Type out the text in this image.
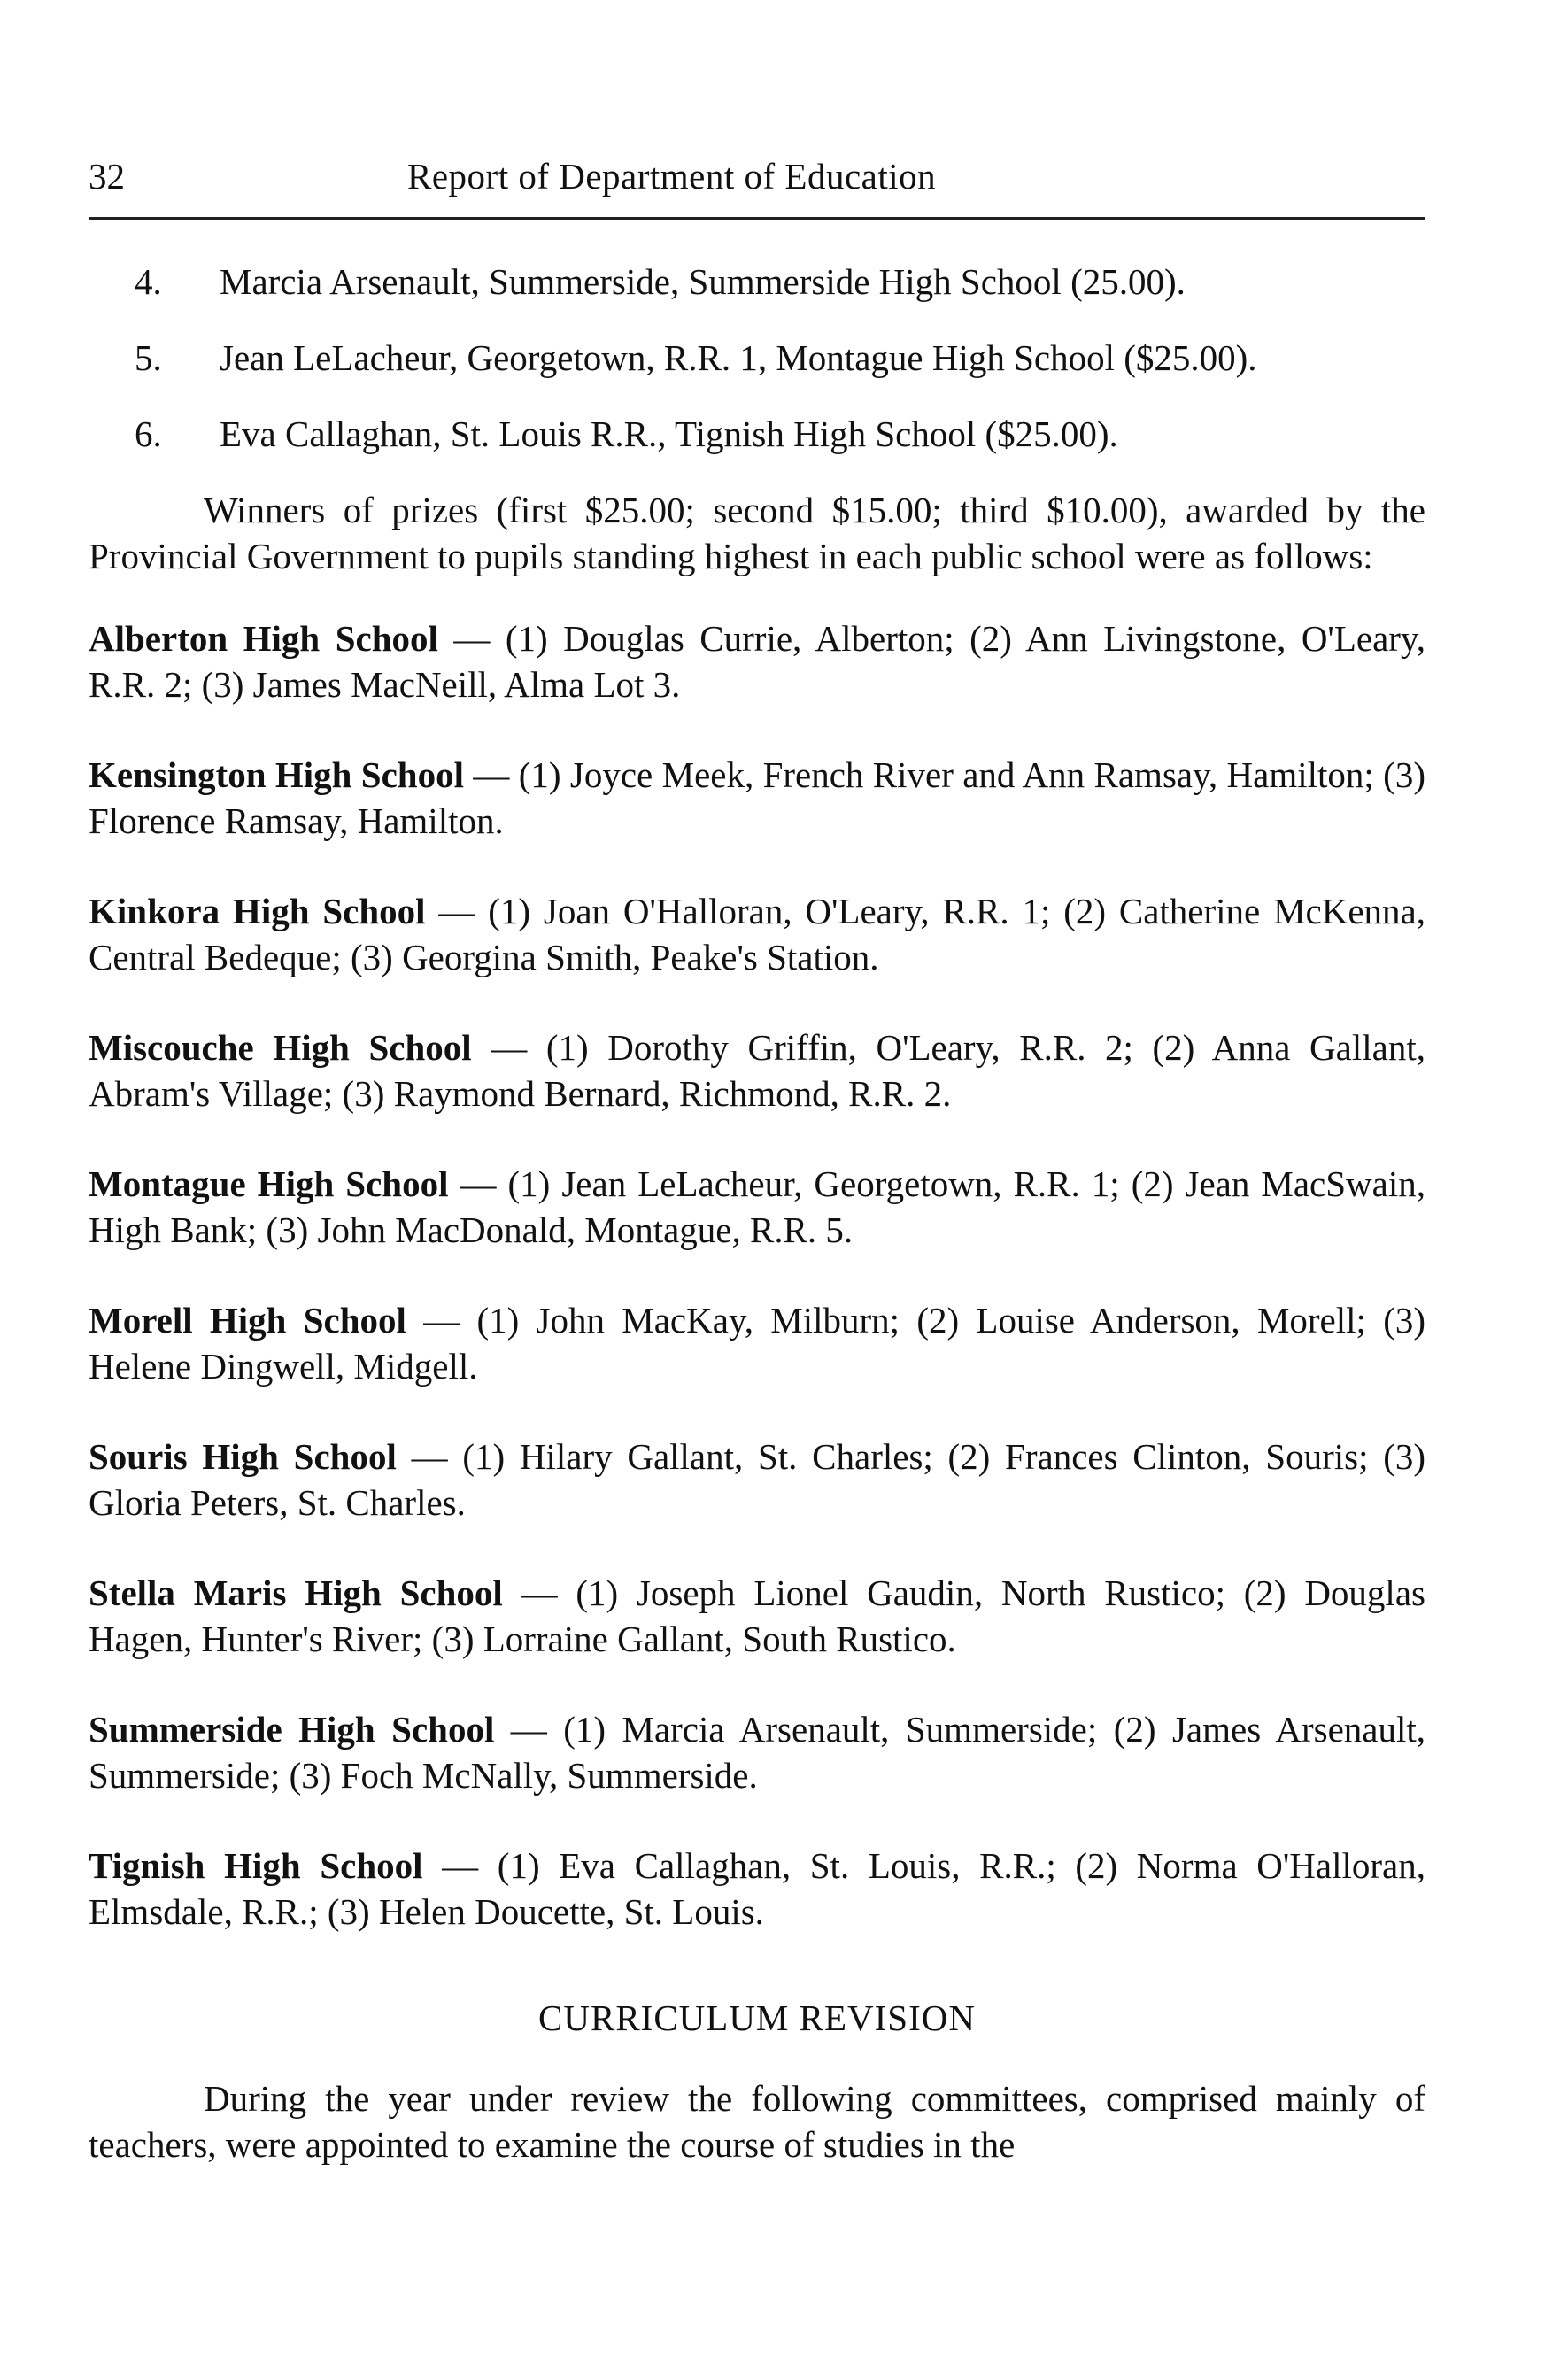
32	Report of Department of Education
4.	Marcia Arsenault, Summerside, Summerside High School (25.00).
5.	Jean LeLacheur, Georgetown, R.R. 1, Montague High School ($25.00).
6.	Eva Callaghan, St. Louis R.R., Tignish High School ($25.00).

Winners of prizes (first $25.00; second $15.00; third $10.00), awarded by the Provincial Government to pupils standing highest in each public school were as follows:

Alberton High School — (1) Douglas Currie, Alberton; (2) Ann Livingstone, O'Leary, R.R. 2; (3) James MacNeill, Alma Lot 3.

Kensington High School — (1) Joyce Meek, French River and Ann Ramsay, Hamilton; (3) Florence Ramsay, Hamilton.

Kinkora High School — (1) Joan O'Halloran, O'Leary, R.R. 1; (2) Catherine McKenna, Central Bedeque; (3) Georgina Smith, Peake's Station.

Miscouche High School — (1) Dorothy Griffin, O'Leary, R.R. 2; (2) Anna Gallant, Abram's Village; (3) Raymond Bernard, Richmond, R.R. 2.

Montague High School — (1) Jean LeLacheur, Georgetown, R.R. 1; (2) Jean MacSwain, High Bank; (3) John MacDonald, Montague, R.R. 5.

Morell High School — (1) John MacKay, Milburn; (2) Louise Anderson, Morell; (3) Helene Dingwell, Midgell.

Souris High School — (1) Hilary Gallant, St. Charles; (2) Frances Clinton, Souris; (3) Gloria Peters, St. Charles.

Stella Maris High School — (1) Joseph Lionel Gaudin, North Rustico; (2) Douglas Hagen, Hunter's River; (3) Lorraine Gallant, South Rustico.

Summerside High School — (1) Marcia Arsenault, Summerside; (2) James Arsenault, Summerside; (3) Foch McNally, Summerside.

Tignish High School — (1) Eva Callaghan, St. Louis, R.R.; (2) Norma O'Halloran, Elmsdale, R.R.; (3) Helen Doucette, St. Louis.

CURRICULUM REVISION

During the year under review the following committees, comprised mainly of teachers, were appointed to examine the course of studies in the
